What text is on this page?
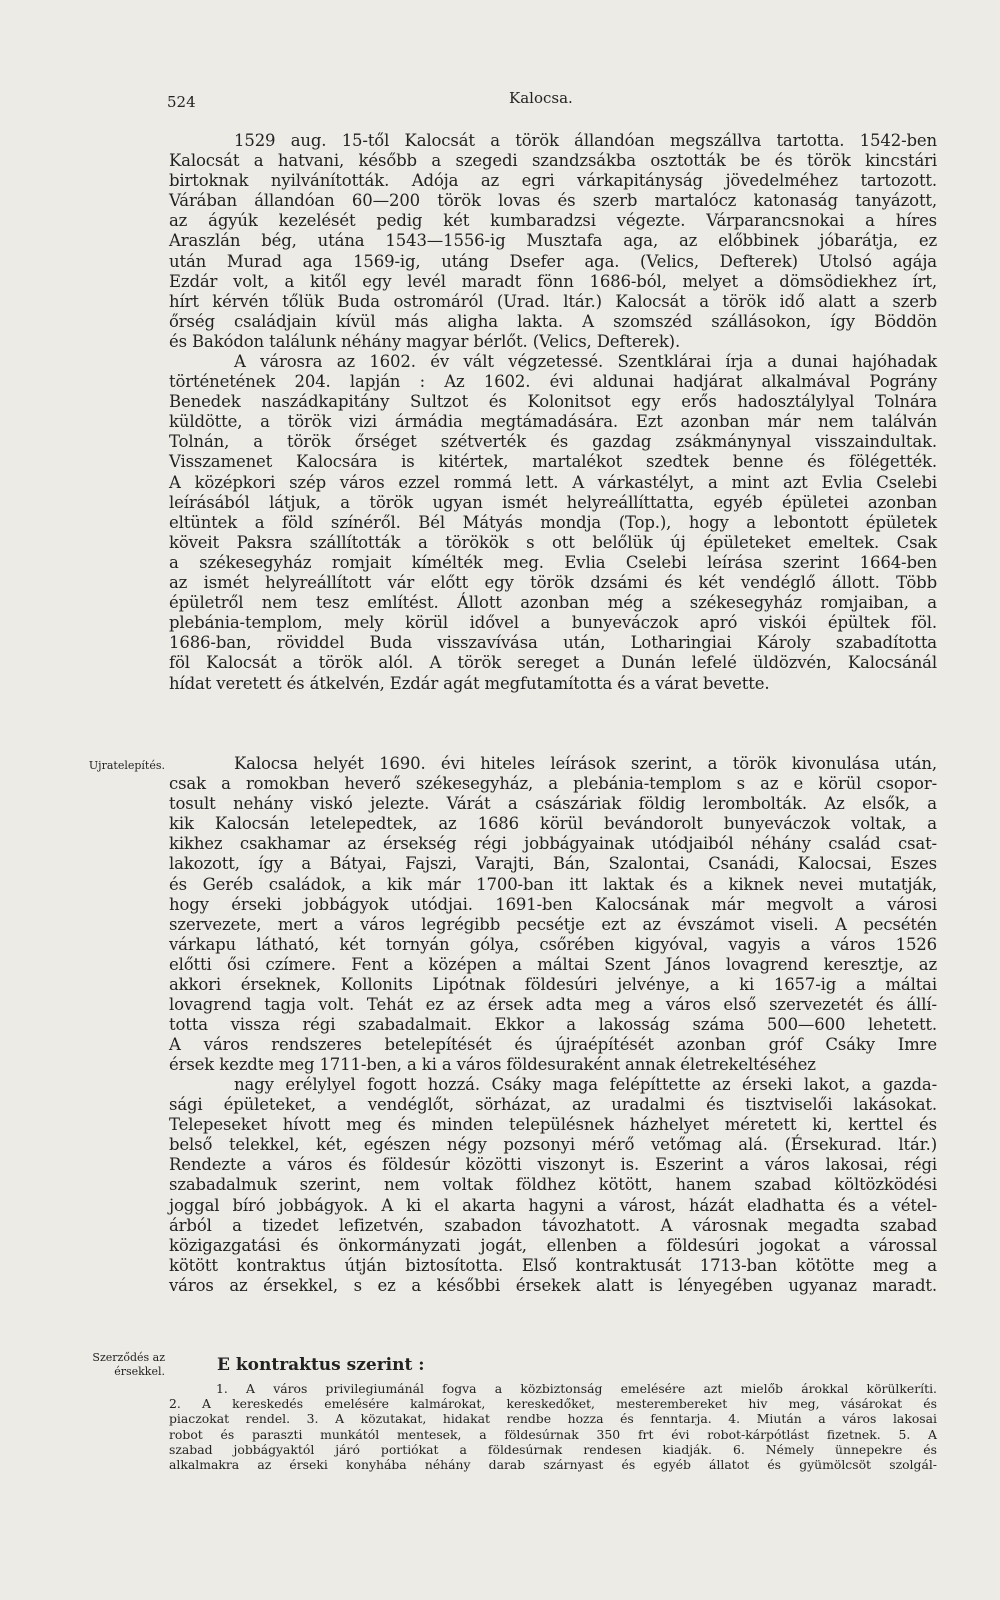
524	Kalocsa.
1529 aug. 15-től Kalocsát a török állandóan megszállva tartotta. 1542-ben
Kalocsát a hatvani, később a szegedi szandzsákba osztották be és török kincstári
birtoknak nyilvánították. Adója az egri várkapitányság jövedelméhez tartozott.
Várában állandóan 60—200 török lovas és szerb martalócz katonaság tanyázott,
az ágyúk kezelését pedig két kumbaradzsi végezte. Várparancsnokai a híres
Araszlán bég, utána 1543—1556-ig Musztafa aga, az előbbinek jóbarátja, ez
után Murad aga 1569-ig, utáng Dsefer aga. (Velics, Defterek) Utolsó agája
Ezdár volt, a kitől egy levél maradt fönn 1686-ból, melyet a dömsödiekhez írt,
hírt kérvén tőlük Buda ostromáról (Urad. ltár.) Kalocsát a török idő alatt a szerb
őrség családjain kívül más aligha lakta. A szomszéd szállásokon, így Böddön
és Bakódon találunk néhány magyar bérlőt. (Velics, Defterek).
A városra az 1602. év vált végzetessé. Szentklárai írja a dunai hajóhadak
történetének 204. lapján : Az 1602. évi aldunai hadjárat alkalmával Pográny
Benedek naszádkapitány Sultzot és Kolonitsot egy erős hadosztálylyal Tolnára
küldötte, a török vizi ármádia megtámadására. Ezt azonban már nem találván
Tolnán, a török őrséget szétverték és gazdag zsákmánynyal visszaindultak.
Visszamenet Kalocsára is kitértek, martalékot szedtek benne és fölégették.
A középkori szép város ezzel rommá lett. A várkastélyt, a mint azt Evlia Cselebi
leírásából látjuk, a török ugyan ismét helyreállíttatta, egyéb épületei azonban
eltüntek a föld színéről. Bél Mátyás mondja (Top.), hogy a lebontott épületek
köveit Paksra szállították a törökök s ott belőlük új épületeket emeltek. Csak
a székesegyház romjait kímélték meg. Evlia Cselebi leírása szerint 1664-ben
az ismét helyreállított vár előtt egy török dzsámi és két vendéglő állott. Több
épületről nem tesz említést. Állott azonban még a székesegyház romjaiban, a
plebánia-templom, mely körül idővel a bunyeváczok apró viskói épültek föl.
1686-ban, röviddel Buda visszavívása után, Lotharingiai Károly szabadította
föl Kalocsát a török alól. A török sereget a Dunán lefelé üldözvén, Kalocsánál
hídat veretett és átkelvén, Ezdár agát megfutamította és a várat bevette.
Ujratelepítés.	Kalocsa helyét 1690. évi hiteles leírások szerint, a török kivonulása után,
csak a romokban heverő székesegyház, a plebánia-templom s az e körül csopor-
tosult nehány viskó jelezte. Várát a császáriak földig lerombolták. Az elsők, a
kik Kalocsán letelepedtek, az 1686 körül bevándorolt bunyeváczok voltak, a
kikhez csakhamar az érsekség régi jobbágyainak utódjaiból néhány család csat-
lakozott, így a Bátyai, Fajszi, Varajti, Bán, Szalontai, Csanádi, Kalocsai, Eszes
és Geréb családok, a kik már 1700-ban itt laktak és a kiknek nevei mutatják,
hogy érseki jobbágyok utódjai. 1691-ben Kalocsának már megvolt a városi
szervezete, mert a város legrégibb pecsétje ezt az évszámot viseli. A pecsétén
várkapu látható, két tornyán gólya, csőrében kigyóval, vagyis a város 1526
előtti ősi czímere. Fent a középen a máltai Szent János lovagrend keresztje, az
akkori érseknek, Kollonits Lipótnak földesúri jelvénye, a ki 1657-ig a máltai
lovagrend tagja volt. Tehát ez az érsek adta meg a város első szervezetét és állí-
totta vissza régi szabadalmait. Ekkor a lakosság száma 500—600 lehetett.
A város rendszeres betelepítését és újraépítését azonban gróf Csáky Imre
érsek kezdte meg 1711-ben, a ki a város földesuraként annak életrekeltéséhez
nagy erélylyel fogott hozzá. Csáky maga felépíttette az érseki lakot, a gazda-
sági épületeket, a vendéglőt, sörházat, az uradalmi és tisztviselői lakásokat.
Telepeseket hívott meg és minden településnek házhelyet méretett ki, kerttel és
belső telekkel, két, egészen négy pozsonyi mérő vetőmag alá. (Érsekurad. ltár.)
Rendezte a város és földesúr közötti viszonyt is. Eszerint a város lakosai, régi
szabadalmuk szerint, nem voltak földhez kötött, hanem szabad költözködési
joggal bíró jobbágyok. A ki el akarta hagyni a várost, házát eladhatta és a vétel-
árból a tizedet lefizetvén, szabadon távozhatott. A városnak megadta szabad
közigazgatási és önkormányzati jogát, ellenben a földesúri jogokat a várossal
kötött kontraktus útján biztosította. Első kontraktusát 1713-ban kötötte meg a
város az érsekkel, s ez a későbbi érsekek alatt is lényegében ugyanaz maradt.
Szerződés az
érsekkel.	E kontraktus szerint :
1. A város privilegiumánál fogva a közbiztonság emelésére azt mielőb árokkal körülkeríti.
2. A kereskedés emelésére kalmárokat, kereskedőket, mesterembereket hiv meg, vásárokat és
piaczokat rendel. 3. A közutakat, hidakat rendbe hozza és fenntarja. 4. Miután a város lakosai
robot és paraszti munkától mentesek, a földesúrnak 350 frt évi robot-kárpótlást fizetnek. 5. A
szabad jobbágyaktól járó portiókat a földesúrnak rendesen kiadják. 6. Némely ünnepekre és
alkalmakra az érseki konyhába néhány darab szárnyast és egyéb állatot és gyümölcsöt szolgál-
